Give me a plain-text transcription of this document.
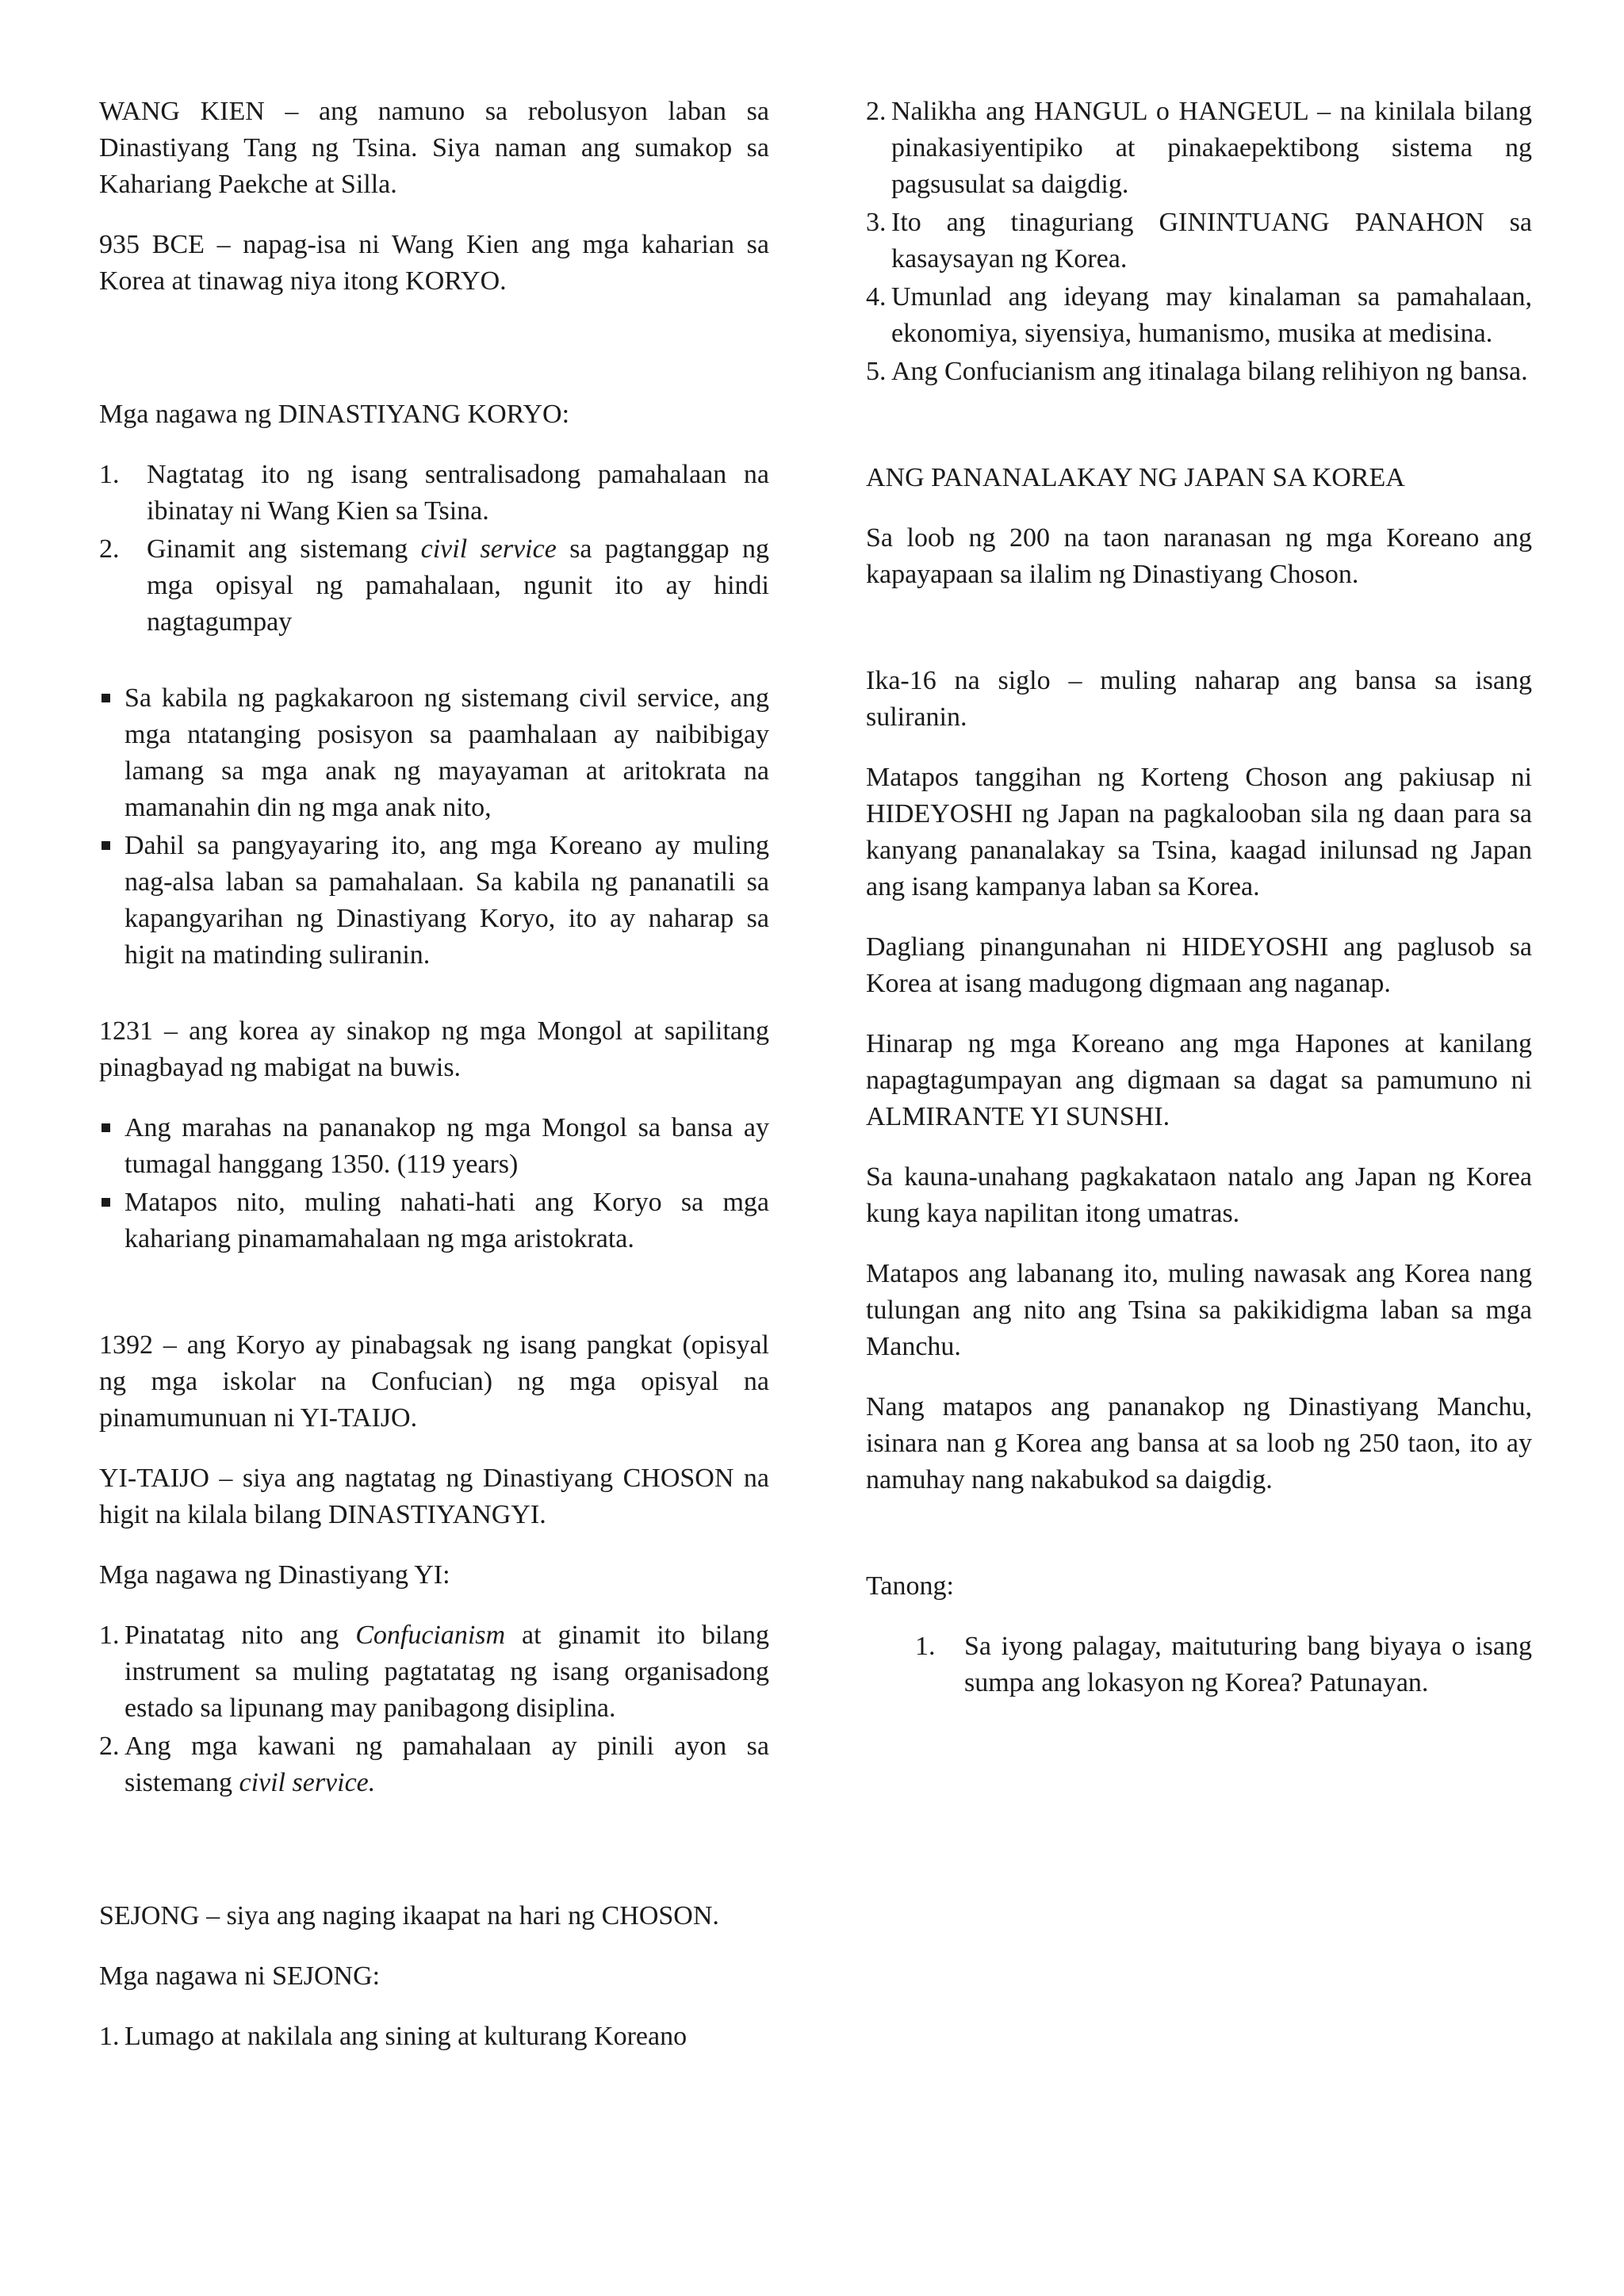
WANG KIEN – ang namuno sa rebolusyon laban sa Dinastiyang Tang ng Tsina. Siya naman ang sumakop sa Kahariang Paekche at Silla.

935 BCE – napag-isa ni Wang Kien ang mga kaharian sa Korea at tinawag niya itong KORYO.

Mga nagawa ng DINASTIYANG KORYO:

1.	Nagtatag ito ng isang sentralisadong pamahalaan na ibinatay ni Wang Kien sa Tsina.
2.	Ginamit ang sistemang civil service sa pagtanggap ng mga opisyal ng pamahalaan, ngunit ito ay hindi nagtagumpay
Sa kabila ng pagkakaroon ng sistemang civil service, ang mga ntatanging posisyon sa paamhalaan ay naibibigay lamang sa mga anak ng mayayaman at aritokrata na mamanahin din ng mga anak nito,
Dahil sa pangyayaring ito, ang mga Koreano ay muling nag-alsa laban sa pamahalaan. Sa kabila ng pananatili sa kapangyarihan ng Dinastiyang Koryo, ito ay naharap sa higit na matinding suliranin.

1231 – ang korea ay sinakop ng mga Mongol at sapilitang pinagbayad ng mabigat na buwis.

Ang marahas na pananakop ng mga Mongol sa bansa ay tumagal hanggang 1350. (119 years)
Matapos nito, muling nahati-hati ang Koryo sa mga kahariang pinamamahalaan ng mga aristokrata.

1392 – ang Koryo ay pinabagsak ng isang pangkat (opisyal ng mga iskolar na Confucian) ng mga opisyal na pinamumunuan ni YI-TAIJO.

YI-TAIJO – siya ang nagtatag ng Dinastiyang CHOSON na higit na kilala bilang DINASTIYANGYI.

Mga nagawa ng Dinastiyang YI:

1. Pinatatag nito ang Confucianism at ginamit ito bilang instrument sa muling pagtatatag ng isang organisadong estado sa lipunang may panibagong disiplina.
2. Ang mga kawani ng pamahalaan ay pinili ayon sa sistemang civil service.

SEJONG – siya ang naging ikaapat na hari ng CHOSON.

Mga nagawa ni SEJONG:

1. Lumago at nakilala ang sining at kulturang Koreano
2. Nalikha ang HANGUL o HANGEUL – na kinilala bilang pinakasiyentipiko at pinakaepektibong sistema ng pagsusulat sa daigdig.
3. Ito ang tinaguriang GININTUANG PANAHON sa kasaysayan ng Korea.
4. Umunlad ang ideyang may kinalaman sa pamahalaan, ekonomiya, siyensiya, humanismo, musika at medisina.
5. Ang Confucianism ang itinalaga bilang relihiyon ng bansa.

ANG PANANALAKAY NG JAPAN SA KOREA

Sa loob ng 200 na taon naranasan ng mga Koreano ang kapayapaan sa ilalim ng Dinastiyang Choson.

Ika-16 na siglo – muling naharap ang bansa sa isang suliranin.

Matapos tanggihan ng Korteng Choson ang pakiusap ni HIDEYOSHI ng Japan na pagkalooban sila ng daan para sa kanyang pananalakay sa Tsina, kaagad inilunsad ng Japan ang isang kampanya laban sa Korea.

Dagliang pinangunahan ni HIDEYOSHI ang paglusob sa Korea at isang madugong digmaan ang naganap.

Hinarap ng mga Koreano ang mga Hapones at kanilang napagtagumpayan ang digmaan sa dagat sa pamumuno ni ALMIRANTE YI SUNSHI.

Sa kauna-unahang pagkakataon natalo ang Japan ng Korea kung kaya napilitan itong umatras.

Matapos ang labanang ito, muling nawasak ang Korea nang tulungan ang nito ang Tsina sa pakikidigma laban sa mga Manchu.

Nang matapos ang pananakop ng Dinastiyang Manchu, isinara nan g Korea ang bansa at sa loob ng 250 taon, ito ay namuhay nang nakabukod sa daigdig.

Tanong:

1.	Sa iyong palagay, maituturing bang biyaya o isang sumpa ang lokasyon ng Korea? Patunayan.
